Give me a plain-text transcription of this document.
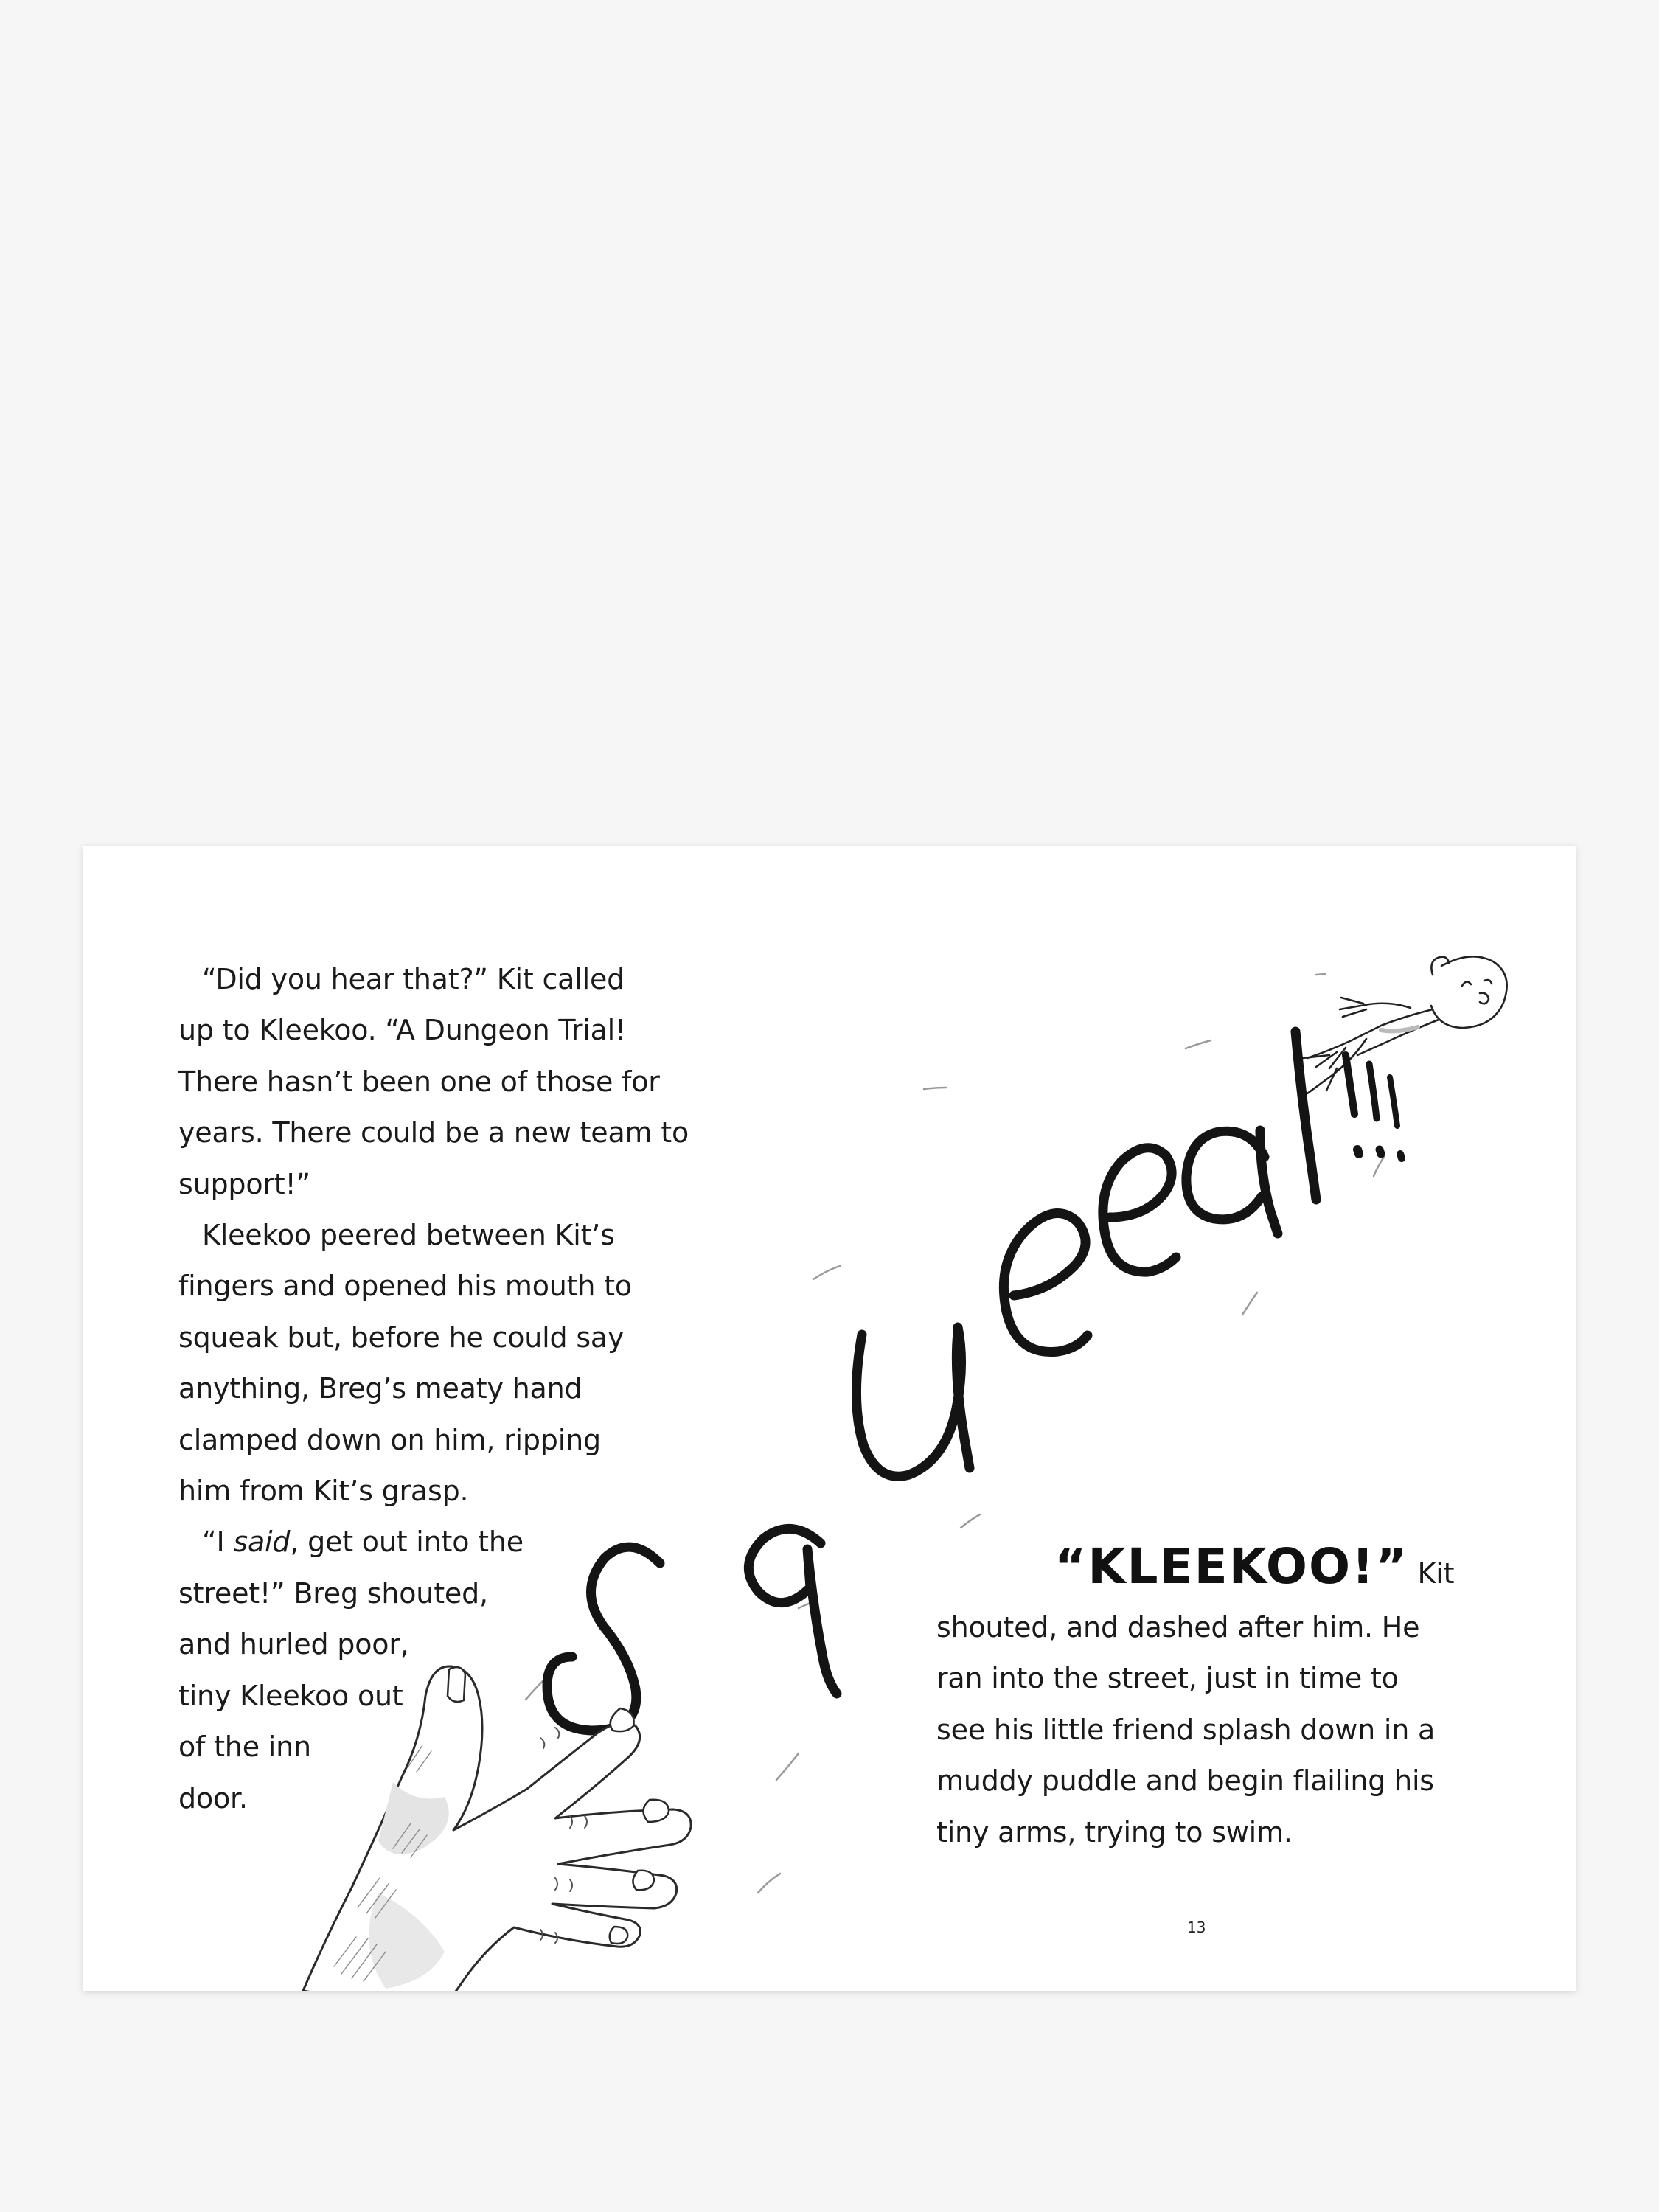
“Did you hear that?” Kit called
up to Kleekoo. “A Dungeon Trial!
There hasn’t been one of those for
years. There could be a new team to
support!”
Kleekoo peered between Kit’s
fingers and opened his mouth to
squeak but, before he could say
anything, Breg’s meaty hand
clamped down on him, ripping
him from Kit’s grasp.
“I said, get out into the
street!” Breg shouted,
and hurled poor,
tiny Kleekoo out
of the inn
door.
“KLEEKOO!” Kit
shouted, and dashed after him. He
ran into the street, just in time to
see his little friend splash down in a
muddy puddle and begin flailing his
tiny arms, trying to swim.
13
